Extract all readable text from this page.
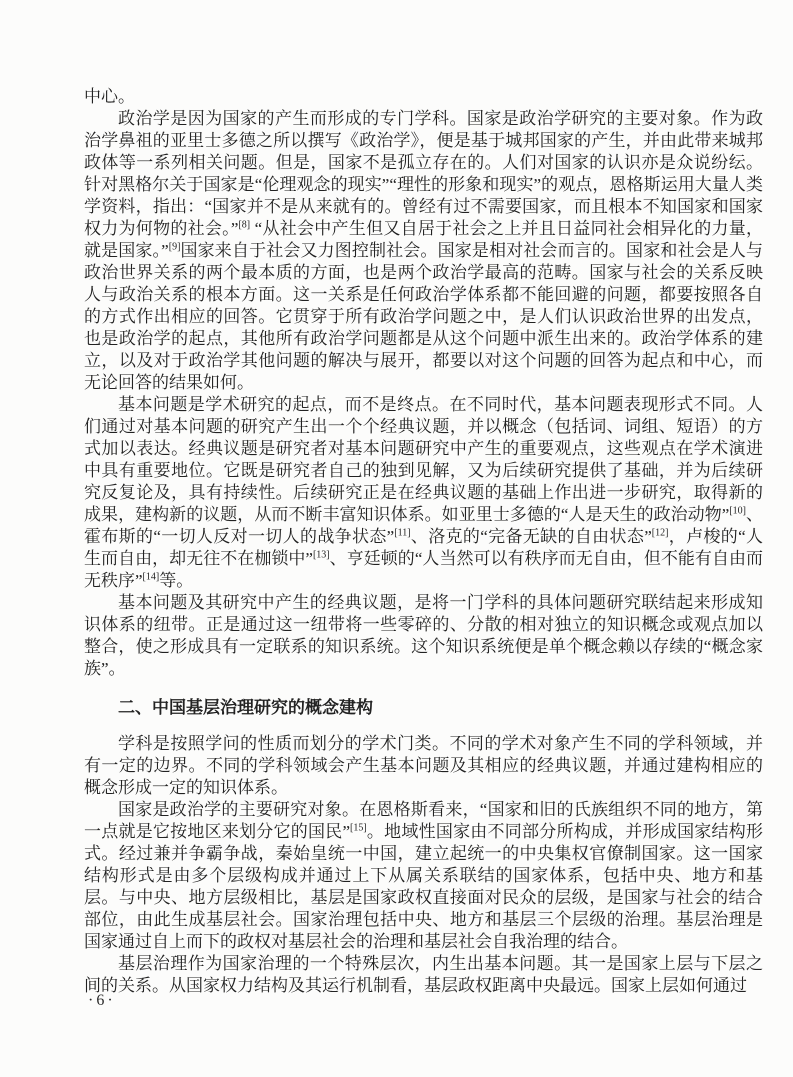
中心。

政治学是因为国家的产生而形成的专门学科。国家是政治学研究的主要对象。作为政治学鼻祖的亚里士多德之所以撰写《政治学》，便是基于城邦国家的产生，并由此带来城邦政体等一系列相关问题。但是，国家不是孤立存在的。人们对国家的认识亦是众说纷纭。针对黑格尔关于国家是“伦理观念的现实”“理性的形象和现实”的观点，恩格斯运用大量人类学资料，指出：“国家并不是从来就有的。曾经有过不需要国家，而且根本不知国家和国家权力为何物的社会。”[8] “从社会中产生但又自居于社会之上并且日益同社会相异化的力量，就是国家。”[9]国家来自于社会又力图控制社会。国家是相对社会而言的。国家和社会是人与政治世界关系的两个最本质的方面，也是两个政治学最高的范畴。国家与社会的关系反映人与政治关系的根本方面。这一关系是任何政治学体系都不能回避的问题，都要按照各自的方式作出相应的回答。它贯穿于所有政治学问题之中，是人们认识政治世界的出发点，也是政治学的起点，其他所有政治学问题都是从这个问题中派生出来的。政治学体系的建立，以及对于政治学其他问题的解决与展开，都要以对这个问题的回答为起点和中心，而无论回答的结果如何。

基本问题是学术研究的起点，而不是终点。在不同时代，基本问题表现形式不同。人们通过对基本问题的研究产生出一个个经典议题，并以概念（包括词、词组、短语）的方式加以表达。经典议题是研究者对基本问题研究中产生的重要观点，这些观点在学术演进中具有重要地位。它既是研究者自己的独到见解，又为后续研究提供了基础，并为后续研究反复论及，具有持续性。后续研究正是在经典议题的基础上作出进一步研究，取得新的成果，建构新的议题，从而不断丰富知识体系。如亚里士多德的“人是天生的政治动物”[10]、霍布斯的“一切人反对一切人的战争状态”[11]、洛克的“完备无缺的自由状态”[12]，卢梭的“人生而自由，却无往不在枷锁中”[13]、亨廷顿的“人当然可以有秩序而无自由，但不能有自由而无秩序”[14]等。

基本问题及其研究中产生的经典议题，是将一门学科的具体问题研究联结起来形成知识体系的纽带。正是通过这一纽带将一些零碎的、分散的相对独立的知识概念或观点加以整合，使之形成具有一定联系的知识系统。这个知识系统便是单个概念赖以存续的“概念家族”。

二、中国基层治理研究的概念建构

学科是按照学问的性质而划分的学术门类。不同的学术对象产生不同的学科领域，并有一定的边界。不同的学科领域会产生基本问题及其相应的经典议题，并通过建构相应的概念形成一定的知识体系。

国家是政治学的主要研究对象。在恩格斯看来，“国家和旧的氏族组织不同的地方，第一点就是它按地区来划分它的国民”[15]。地域性国家由不同部分所构成，并形成国家结构形式。经过兼并争霸争战，秦始皇统一中国，建立起统一的中央集权官僚制国家。这一国家结构形式是由多个层级构成并通过上下从属关系联结的国家体系，包括中央、地方和基层。与中央、地方层级相比，基层是国家政权直接面对民众的层级，是国家与社会的结合部位，由此生成基层社会。国家治理包括中央、地方和基层三个层级的治理。基层治理是国家通过自上而下的政权对基层社会的治理和基层社会自我治理的结合。

基层治理作为国家治理的一个特殊层次，内生出基本问题。其一是国家上层与下层之间的关系。从国家权力结构及其运行机制看，基层政权距离中央最远。国家上层如何通过

·6·
